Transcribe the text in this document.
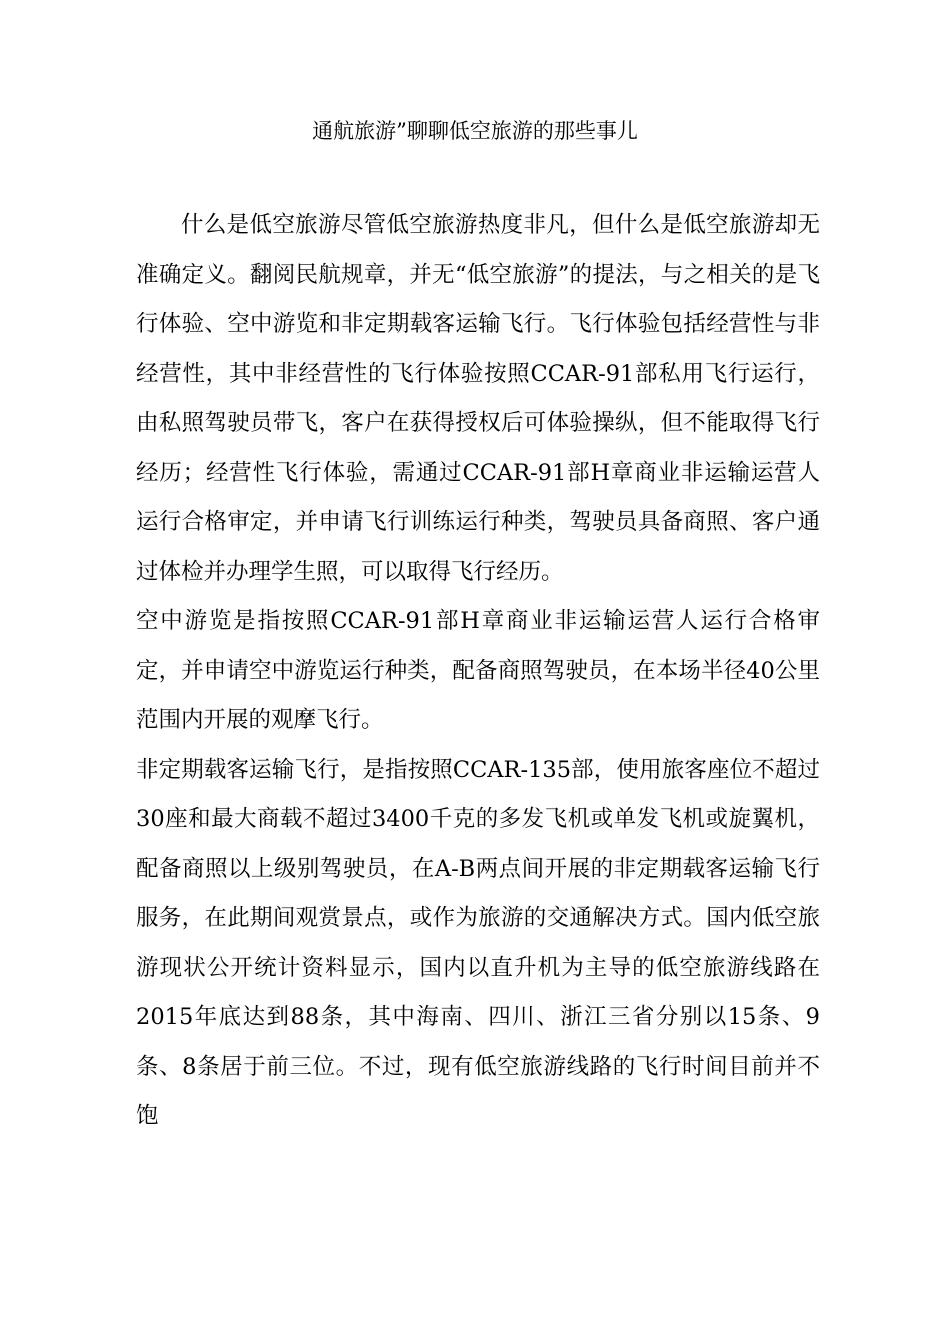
通航旅游”聊聊低空旅游的那些事儿

什么是低空旅游尽管低空旅游热度非凡，但什么是低空旅游却无准确定义。翻阅民航规章，并无“低空旅游”的提法，与之相关的是飞行体验、空中游览和非定期载客运输飞行。飞行体验包括经营性与非经营性，其中非经营性的飞行体验按照CCAR-91部私用飞行运行，由私照驾驶员带飞，客户在获得授权后可体验操纵，但不能取得飞行经历；经营性飞行体验，需通过CCAR-91部H章商业非运输运营人运行合格审定，并申请飞行训练运行种类，驾驶员具备商照、客户通过体检并办理学生照，可以取得飞行经历。

空中游览是指按照CCAR-91部H章商业非运输运营人运行合格审定，并申请空中游览运行种类，配备商照驾驶员，在本场半径40公里范围内开展的观摩飞行。

非定期载客运输飞行，是指按照CCAR-135部，使用旅客座位不超过30座和最大商载不超过3400千克的多发飞机或单发飞机或旋翼机，配备商照以上级别驾驶员，在A-B两点间开展的非定期载客运输飞行服务，在此期间观赏景点，或作为旅游的交通解决方式。国内低空旅游现状公开统计资料显示，国内以直升机为主导的低空旅游线路在2015年底达到88条，其中海南、四川、浙江三省分别以15条、9条、8条居于前三位。不过，现有低空旅游线路的飞行时间目前并不饱
